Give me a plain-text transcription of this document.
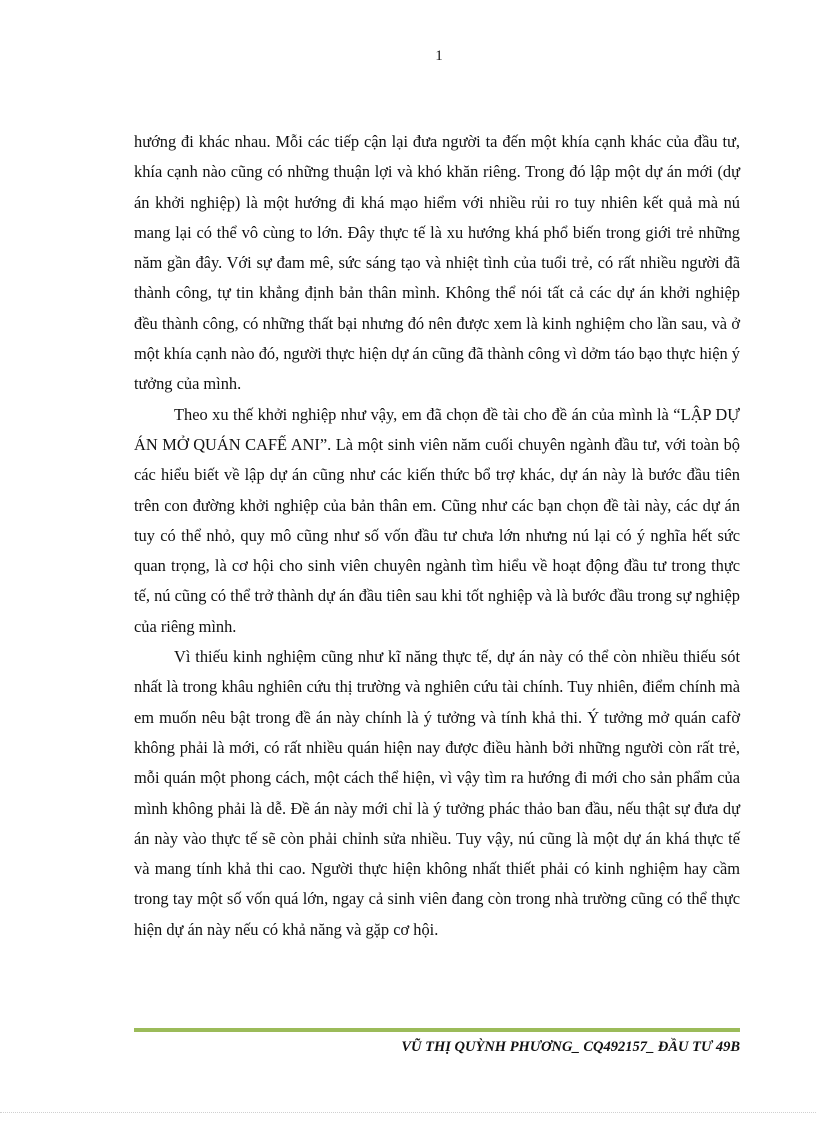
1

hướng đi khác nhau. Mỗi các tiếp cận lại đưa người ta đến một khía cạnh khác của đầu tư, khía cạnh nào cũng có những thuận lợi và khó khăn riêng. Trong đó lập một dự án mới (dự án khởi nghiệp) là một hướng đi khá mạo hiểm với nhiều rủi ro tuy nhiên kết quả mà nú mang lại có thể vô cùng to lớn. Đây thực tế là xu hướng khá phổ biến trong giới trẻ những năm gần đây. Với sự đam mê, sức sáng tạo và nhiệt tình của tuổi trẻ, có rất nhiều người đã thành công, tự tin khẳng định bản thân mình. Không thể nói tất cả các dự án khởi nghiệp đều thành công, có những thất bại nhưng đó nên được xem là kinh nghiệm cho lần sau, và ở một khía cạnh nào đó, người thực hiện dự án cũng đã thành công vì dởm táo bạo thực hiện ý tưởng của mình.

Theo xu thế khởi nghiệp như vậy, em đã chọn đề tài cho đề án của mình là “LẬP DỰ ÁN MỞ QUÁN CAFẾ ANI”. Là một sinh viên năm cuối chuyên ngành đầu tư, với toàn bộ các hiểu biết về lập dự án cũng như các kiến thức bổ trợ khác, dự án này là bước đầu tiên trên con đường khởi nghiệp của bản thân em. Cũng như các bạn chọn đề tài này, các dự án tuy có thể nhỏ, quy mô cũng như số vốn đầu tư chưa lớn nhưng nú lại có ý nghĩa hết sức quan trọng, là cơ hội cho sinh viên chuyên ngành tìm hiểu về hoạt động đầu tư trong thực tế, nú cũng có thể trở thành dự án đầu tiên sau khi tốt nghiệp và là bước đầu trong sự nghiệp của riêng mình.

Vì thiếu kinh nghiệm cũng như kĩ năng thực tế, dự án này có thể còn nhiều thiếu sót nhất là trong khâu nghiên cứu thị trường và nghiên cứu tài chính. Tuy nhiên, điểm chính mà em muốn nêu bật trong đề án này chính là ý tưởng và tính khả thi. Ý tưởng mở quán cafờ không phải là mới, có rất nhiều quán hiện nay được điều hành bởi những người còn rất trẻ, mỗi quán một phong cách, một cách thể hiện, vì vậy tìm ra hướng đi mới cho sản phẩm của mình không phải là dễ. Đề án này mới chỉ là ý tưởng phác thảo ban đầu, nếu thật sự đưa dự án này vào thực tế sẽ còn phải chỉnh sửa nhiều. Tuy vậy, nú cũng là một dự án khá thực tế và mang tính khả thi cao. Người thực hiện không nhất thiết phải có kinh nghiệm hay cầm trong tay một số vốn quá lớn, ngay cả sinh viên đang còn trong nhà trường cũng có thể thực hiện dự án này nếu có khả năng và gặp cơ hội.

VŨ THỊ QUỲNH PHƯƠNG_ CQ492157_ ĐẦU TƯ 49B
